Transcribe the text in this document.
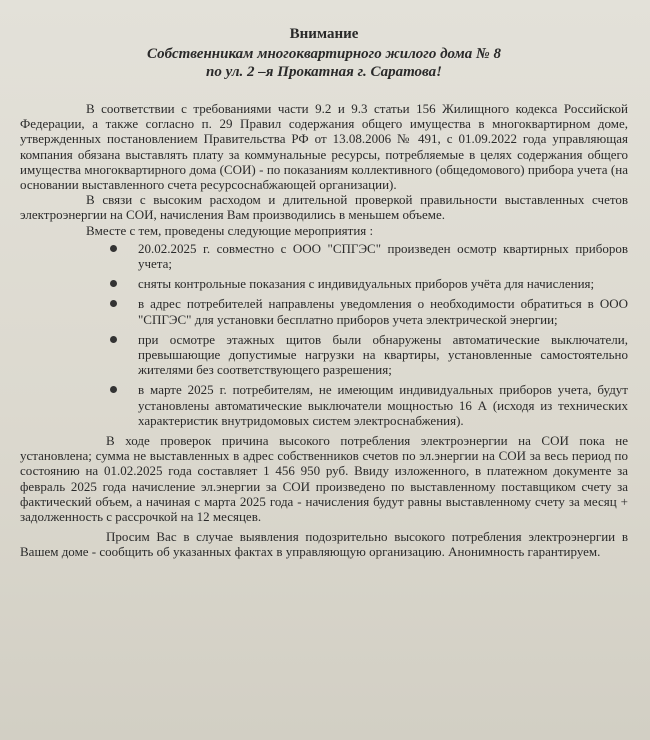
Внимание
Собственникам многоквартирного жилого дома № 8
по ул. 2 –я Прокатная г. Саратова!

В соответствии с требованиями части 9.2 и 9.3 статьи 156 Жилищного кодекса Российской Федерации, а также согласно п. 29 Правил содержания общего имущества в многоквартирном доме, утвержденных постановлением Правительства РФ от 13.08.2006 № 491, с 01.09.2022 года управляющая компания обязана выставлять плату за коммунальные ресурсы, потребляемые в целях содержания общего имущества многоквартирного дома (СОИ) - по показаниям коллективного (общедомового) прибора учета (на основании выставленного счета ресурсоснабжающей организации).

В связи с высоким расходом и длительной проверкой правильности выставленных счетов электроэнергии на СОИ, начисления Вам производились в меньшем объеме.

Вместе с тем, проведены следующие мероприятия :

20.02.2025 г. совместно с ООО "СПГЭС" произведен осмотр квартирных приборов учета;
сняты контрольные показания с индивидуальных приборов учёта для начисления;
в адрес потребителей направлены уведомления о необходимости обратиться в ООО "СПГЭС" для установки бесплатно приборов учета электрической энергии;
при осмотре этажных щитов были обнаружены автоматические выключатели, превышающие допустимые нагрузки на квартиры, установленные самостоятельно жителями без соответствующего разрешения;
в марте 2025 г. потребителям, не имеющим индивидуальных приборов учета, будут установлены автоматические выключатели мощностью 16 А (исходя из технических характеристик внутридомовых систем электроснабжения).

В ходе проверок причина высокого потребления электроэнергии на СОИ пока не установлена; сумма не выставленных в адрес собственников счетов по эл.энергии на СОИ за весь период по состоянию на 01.02.2025 года составляет 1 456 950 руб. Ввиду изложенного, в платежном документе за февраль 2025 года начисление эл.энергии за СОИ произведено по выставленному поставщиком счету за фактический объем, а начиная с марта 2025 года - начисления будут равны выставленному счету за месяц + задолженность с рассрочкой на 12 месяцев.

Просим Вас в случае выявления подозрительно высокого потребления электроэнергии в Вашем доме - сообщить об указанных фактах в управляющую организацию. Анонимность гарантируем.
